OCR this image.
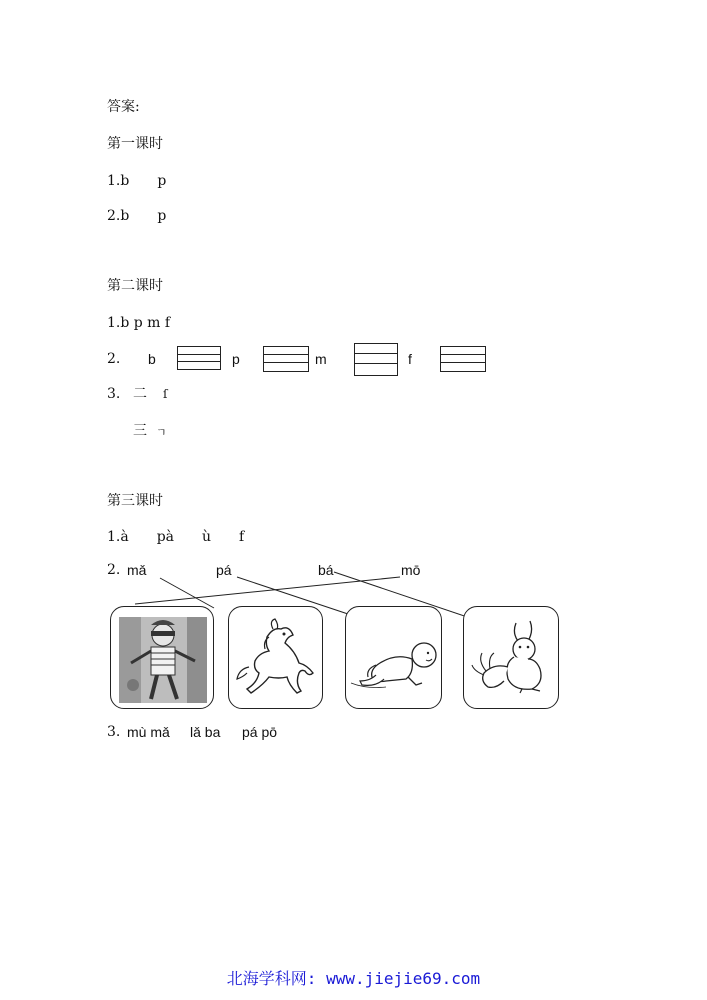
答案:
第一课时
1.b　　p
2.b　　p
第二课时
1.b p m f
2. b	p	m	f
3. 二 ſ
三 ㄱ
第三课时
1.à　　pà　　ù　　f
2. mǎ	pá	bá	mō
3. mù mǎ lǎ ba pá pō
北海学科网: www.jiejie69.com
